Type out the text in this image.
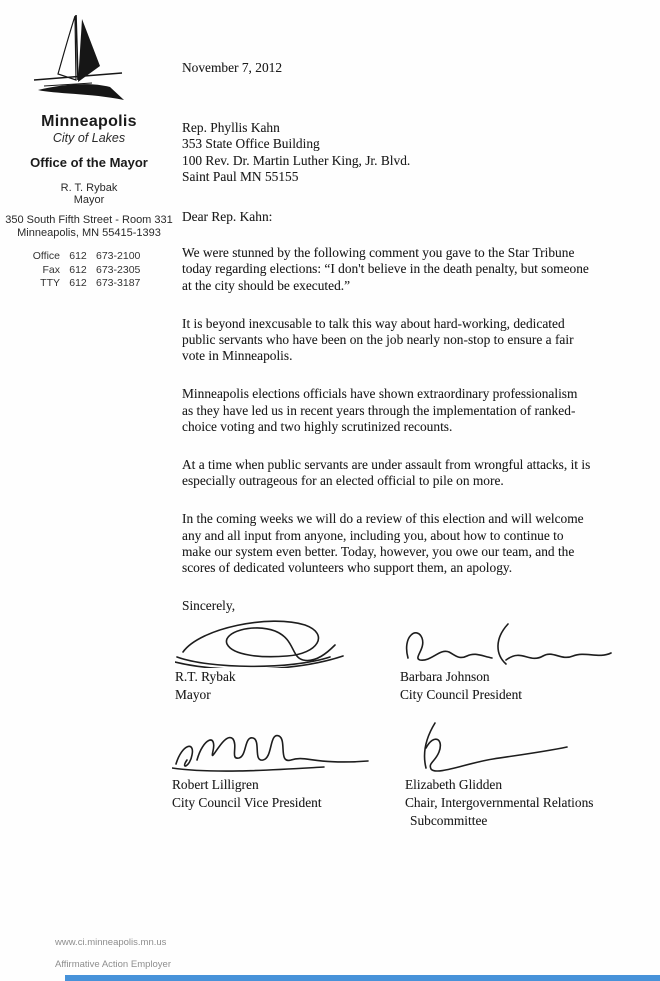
Minneapolis
City of Lakes
Office of the Mayor
R. T. Rybak
Mayor
350 South Fifth Street - Room 331
Minneapolis, MN 55415-1393
Office 612 673-2100
Fax 612 673-2305
TTY 612 673-3187
November 7, 2012
Rep. Phyllis Kahn
353 State Office Building
100 Rev. Dr. Martin Luther King, Jr. Blvd.
Saint Paul MN 55155
Dear Rep. Kahn:
We were stunned by the following comment you gave to the Star Tribune
today regarding elections: “I don't believe in the death penalty, but someone
at the city should be executed.”
It is beyond inexcusable to talk this way about hard-working, dedicated
public servants who have been on the job nearly non-stop to ensure a fair
vote in Minneapolis.
Minneapolis elections officials have shown extraordinary professionalism
as they have led us in recent years through the implementation of ranked-
choice voting and two highly scrutinized recounts.
At a time when public servants are under assault from wrongful attacks, it is
especially outrageous for an elected official to pile on more.
In the coming weeks we will do a review of this election and will welcome
any and all input from anyone, including you, about how to continue to
make our system even better. Today, however, you owe our team, and the
scores of dedicated volunteers who support them, an apology.
Sincerely,
R.T. Rybak
Mayor
Barbara Johnson
City Council President
Robert Lilligren
City Council Vice President
Elizabeth Glidden
Chair, Intergovernmental Relations
Subcommittee
www.ci.minneapolis.mn.us
Affirmative Action Employer
